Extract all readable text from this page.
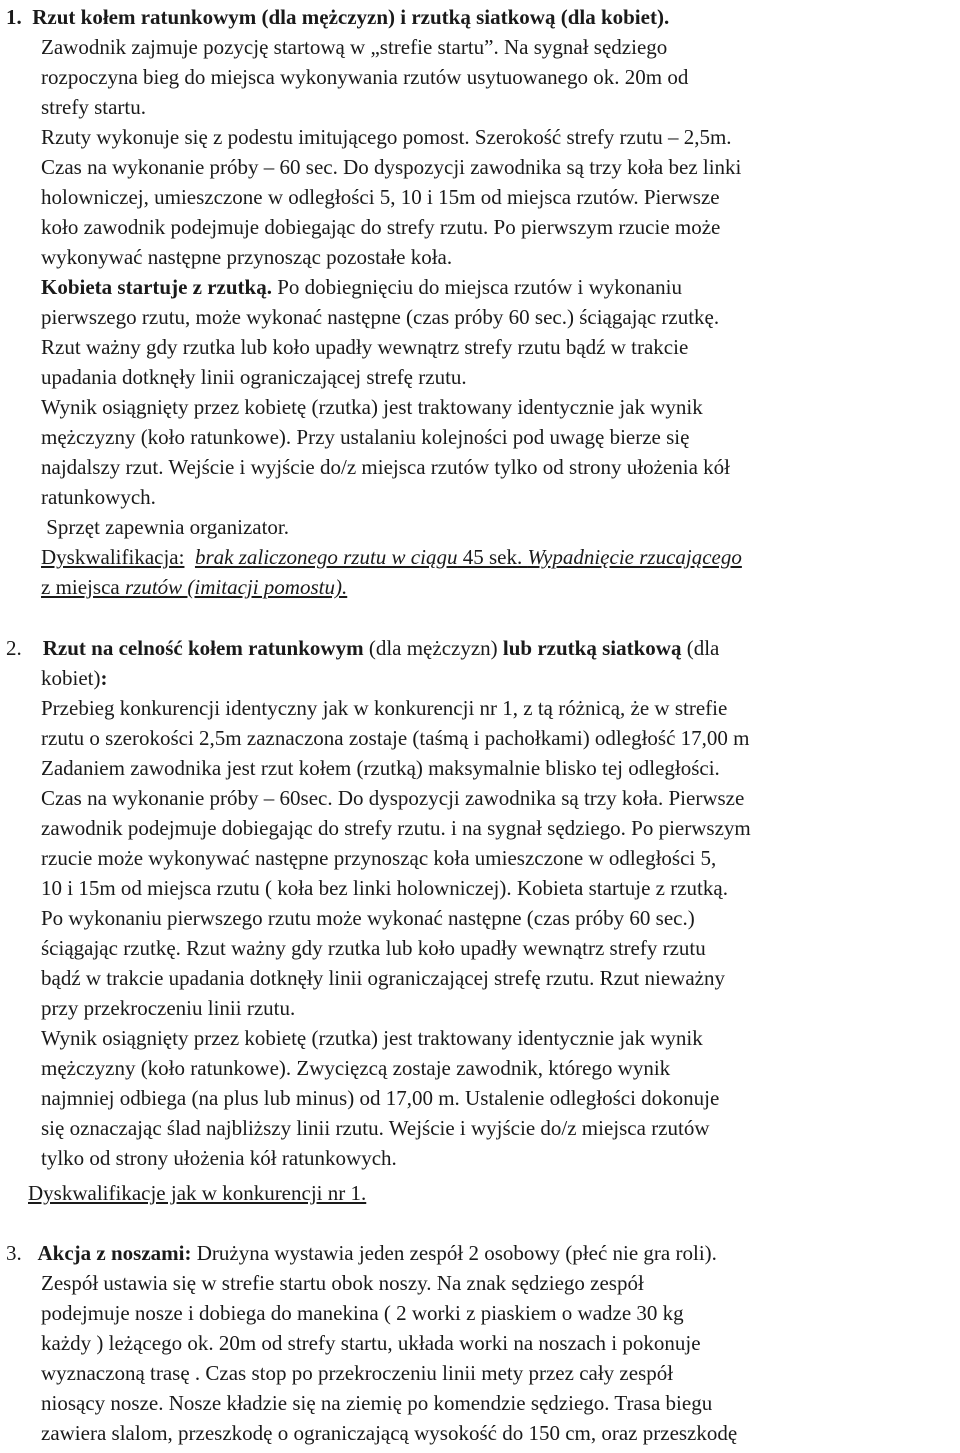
1. Rzut kołem ratunkowym (dla mężczyzn) i rzutką siatkową (dla kobiet).
Zawodnik zajmuje pozycję startową w „strefie startu”. Na sygnał sędziego
rozpoczyna bieg do miejsca wykonywania rzutów usytuowanego ok. 20m od
strefy startu.
Rzuty wykonuje się z podestu imitującego pomost. Szerokość strefy rzutu – 2,5m.
Czas na wykonanie próby – 60 sec. Do dyspozycji zawodnika są trzy koła bez linki
holowniczej, umieszczone w odległości 5, 10 i 15m od miejsca rzutów. Pierwsze
koło zawodnik podejmuje dobiegając do strefy rzutu. Po pierwszym rzucie może
wykonywać następne przynosząc pozostałe koła.
Kobieta startuje z rzutką. Po dobiegnięciu do miejsca rzutów i wykonaniu
pierwszego rzutu, może wykonać następne (czas próby 60 sec.) ściągając rzutkę.
Rzut ważny gdy rzutka lub koło upadły wewnątrz strefy rzutu bądź w trakcie
upadania dotknęły linii ograniczającej strefę rzutu.
Wynik osiągnięty przez kobietę (rzutka) jest traktowany identycznie jak wynik
mężczyzny (koło ratunkowe). Przy ustalaniu kolejności pod uwagę bierze się
najdalszy rzut. Wejście i wyjście do/z miejsca rzutów tylko od strony ułożenia kół
ratunkowych.
Sprzęt zapewnia organizator.
Dyskwalifikacja: brak zaliczonego rzutu w ciągu 45 sek. Wypadnięcie rzucającego
z miejsca rzutów (imitacji pomostu).
2. Rzut na celność kołem ratunkowym (dla mężczyzn) lub rzutką siatkową (dla
kobiet):
Przebieg konkurencji identyczny jak w konkurencji nr 1, z tą różnicą, że w strefie
rzutu o szerokości 2,5m zaznaczona zostaje (taśmą i pachołkami) odległość 17,00 m
Zadaniem zawodnika jest rzut kołem (rzutką) maksymalnie blisko tej odległości.
Czas na wykonanie próby – 60sec. Do dyspozycji zawodnika są trzy koła. Pierwsze
zawodnik podejmuje dobiegając do strefy rzutu. i na sygnał sędziego. Po pierwszym
rzucie może wykonywać następne przynosząc koła umieszczone w odległości 5,
10 i 15m od miejsca rzutu ( koła bez linki holowniczej). Kobieta startuje z rzutką.
Po wykonaniu pierwszego rzutu może wykonać następne (czas próby 60 sec.)
ściągając rzutkę. Rzut ważny gdy rzutka lub koło upadły wewnątrz strefy rzutu
bądź w trakcie upadania dotknęły linii ograniczającej strefę rzutu. Rzut nieważny
przy przekroczeniu linii rzutu.
Wynik osiągnięty przez kobietę (rzutka) jest traktowany identycznie jak wynik
mężczyzny (koło ratunkowe). Zwycięzcą zostaje zawodnik, którego wynik
najmniej odbiega (na plus lub minus) od 17,00 m. Ustalenie odległości dokonuje
się oznaczając ślad najbliższy linii rzutu. Wejście i wyjście do/z miejsca rzutów
tylko od strony ułożenia kół ratunkowych.
Dyskwalifikacje jak w konkurencji nr 1.
3. Akcja z noszami: Drużyna wystawia jeden zespół 2 osobowy (płeć nie gra roli).
Zespół ustawia się w strefie startu obok noszy. Na znak sędziego zespół
podejmuje nosze i dobiega do manekina ( 2 worki z piaskiem o wadze 30 kg
każdy ) leżącego ok. 20m od strefy startu, układa worki na noszach i pokonuje
wyznaczoną trasę . Czas stop po przekroczeniu linii mety przez cały zespół
niosący nosze. Nosze kładzie się na ziemię po komendzie sędziego. Trasa biegu
zawiera slalom, przeszkodę o ograniczającą wysokość do 150 cm, oraz przeszkodę
